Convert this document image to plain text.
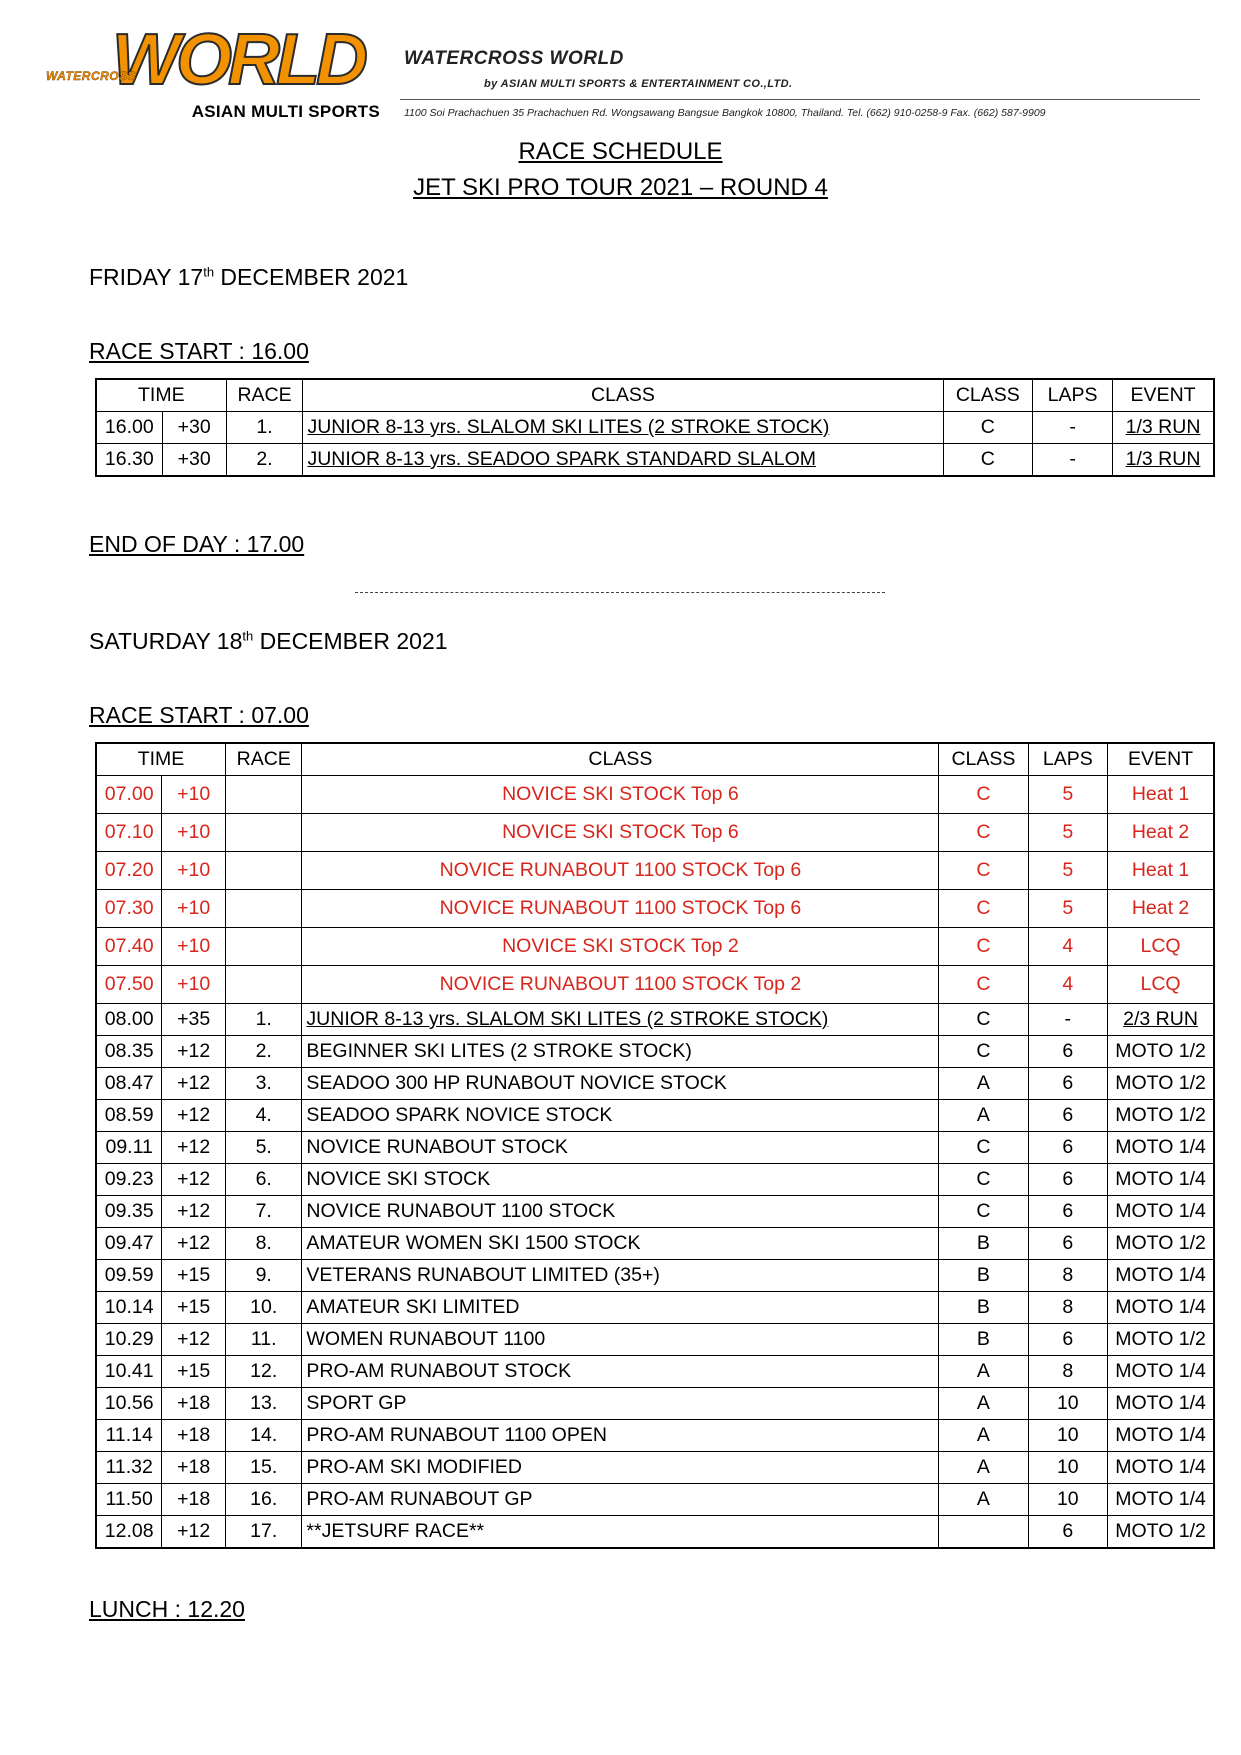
WORLD
WATERCROSS
ASIAN MULTI SPORTS
WATERCROSS WORLD
by ASIAN MULTI SPORTS & ENTERTAINMENT CO.,LTD.
1100 Soi Prachachuen 35 Prachachuen Rd. Wongsawang Bangsue Bangkok 10800, Thailand. Tel. (662) 910-0258-9 Fax. (662) 587-9909
RACE SCHEDULE
JET SKI PRO TOUR 2021 – ROUND 4
FRIDAY 17th DECEMBER 2021
RACE START : 16.00
TIME		RACE	CLASS	CLASS	LAPS	EVENT
16.00	+30	1.	JUNIOR 8-13 yrs. SLALOM SKI LITES (2 STROKE STOCK)	C	-	1/3 RUN
16.30	+30	2.	JUNIOR 8-13 yrs. SEADOO SPARK STANDARD SLALOM	C	-	1/3 RUN
END OF DAY : 17.00
SATURDAY 18th DECEMBER 2021
RACE START : 07.00
TIME		RACE	CLASS	CLASS	LAPS	EVENT
07.00	+10		NOVICE SKI STOCK Top 6	C	5	Heat 1
07.10	+10		NOVICE SKI STOCK Top 6	C	5	Heat 2
07.20	+10		NOVICE RUNABOUT 1100 STOCK Top 6	C	5	Heat 1
07.30	+10		NOVICE RUNABOUT 1100 STOCK Top 6	C	5	Heat 2
07.40	+10		NOVICE SKI STOCK Top 2	C	4	LCQ
07.50	+10		NOVICE RUNABOUT 1100 STOCK Top 2	C	4	LCQ
08.00	+35	1.	JUNIOR 8-13 yrs. SLALOM SKI LITES (2 STROKE STOCK)	C	-	2/3 RUN
08.35	+12	2.	BEGINNER SKI LITES (2 STROKE STOCK)	C	6	MOTO 1/2
08.47	+12	3.	SEADOO 300 HP RUNABOUT NOVICE STOCK	A	6	MOTO 1/2
08.59	+12	4.	SEADOO SPARK NOVICE STOCK	A	6	MOTO 1/2
09.11	+12	5.	NOVICE RUNABOUT STOCK	C	6	MOTO 1/4
09.23	+12	6.	NOVICE SKI STOCK	C	6	MOTO 1/4
09.35	+12	7.	NOVICE RUNABOUT 1100 STOCK	C	6	MOTO 1/4
09.47	+12	8.	AMATEUR WOMEN SKI 1500 STOCK	B	6	MOTO 1/2
09.59	+15	9.	VETERANS RUNABOUT LIMITED (35+)	B	8	MOTO 1/4
10.14	+15	10.	AMATEUR SKI LIMITED	B	8	MOTO 1/4
10.29	+12	11.	WOMEN RUNABOUT 1100	B	6	MOTO 1/2
10.41	+15	12.	PRO-AM RUNABOUT STOCK	A	8	MOTO 1/4
10.56	+18	13.	SPORT GP	A	10	MOTO 1/4
11.14	+18	14.	PRO-AM RUNABOUT 1100 OPEN	A	10	MOTO 1/4
11.32	+18	15.	PRO-AM SKI MODIFIED	A	10	MOTO 1/4
11.50	+18	16.	PRO-AM RUNABOUT GP	A	10	MOTO 1/4
12.08	+12	17.	**JETSURF RACE**		6	MOTO 1/2
LUNCH : 12.20
